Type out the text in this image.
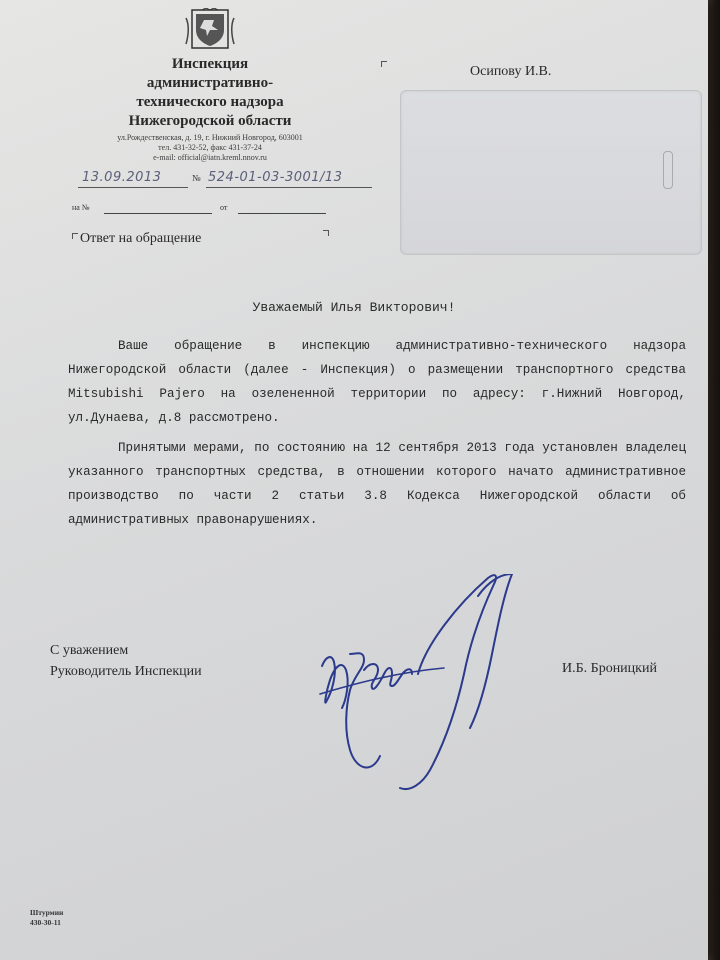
Инспекция
административно-
технического надзора
Нижегородской области
ул.Рождественская, д. 19, г. Нижний Новгород, 603001
тел. 431-32-52, факс 431-37-24
e-mail: official@iatn.kreml.nnov.ru
13.09.2013	№ 524-01-03-3001/13
на №	от
Ответ на обращение
Осипову И.В.
Уважаемый Илья Викторович!

Ваше обращение в инспекцию административно-технического надзора Нижегородской области (далее - Инспекция) о размещении транспортного средства Mitsubishi Pajero на озелененной территории по адресу: г.Нижний Новгород, ул.Дунаева, д.8 рассмотрено.

Принятыми мерами, по состоянию на 12 сентября 2013 года установлен владелец указанного транспортных средства, в отношении которого начато административное производство по части 2 статьи 3.8 Кодекса Нижегородской области об административных правонарушениях.

С уважением
Руководитель Инспекции	И.Б. Броницкий
Штурмин
430-30-11
